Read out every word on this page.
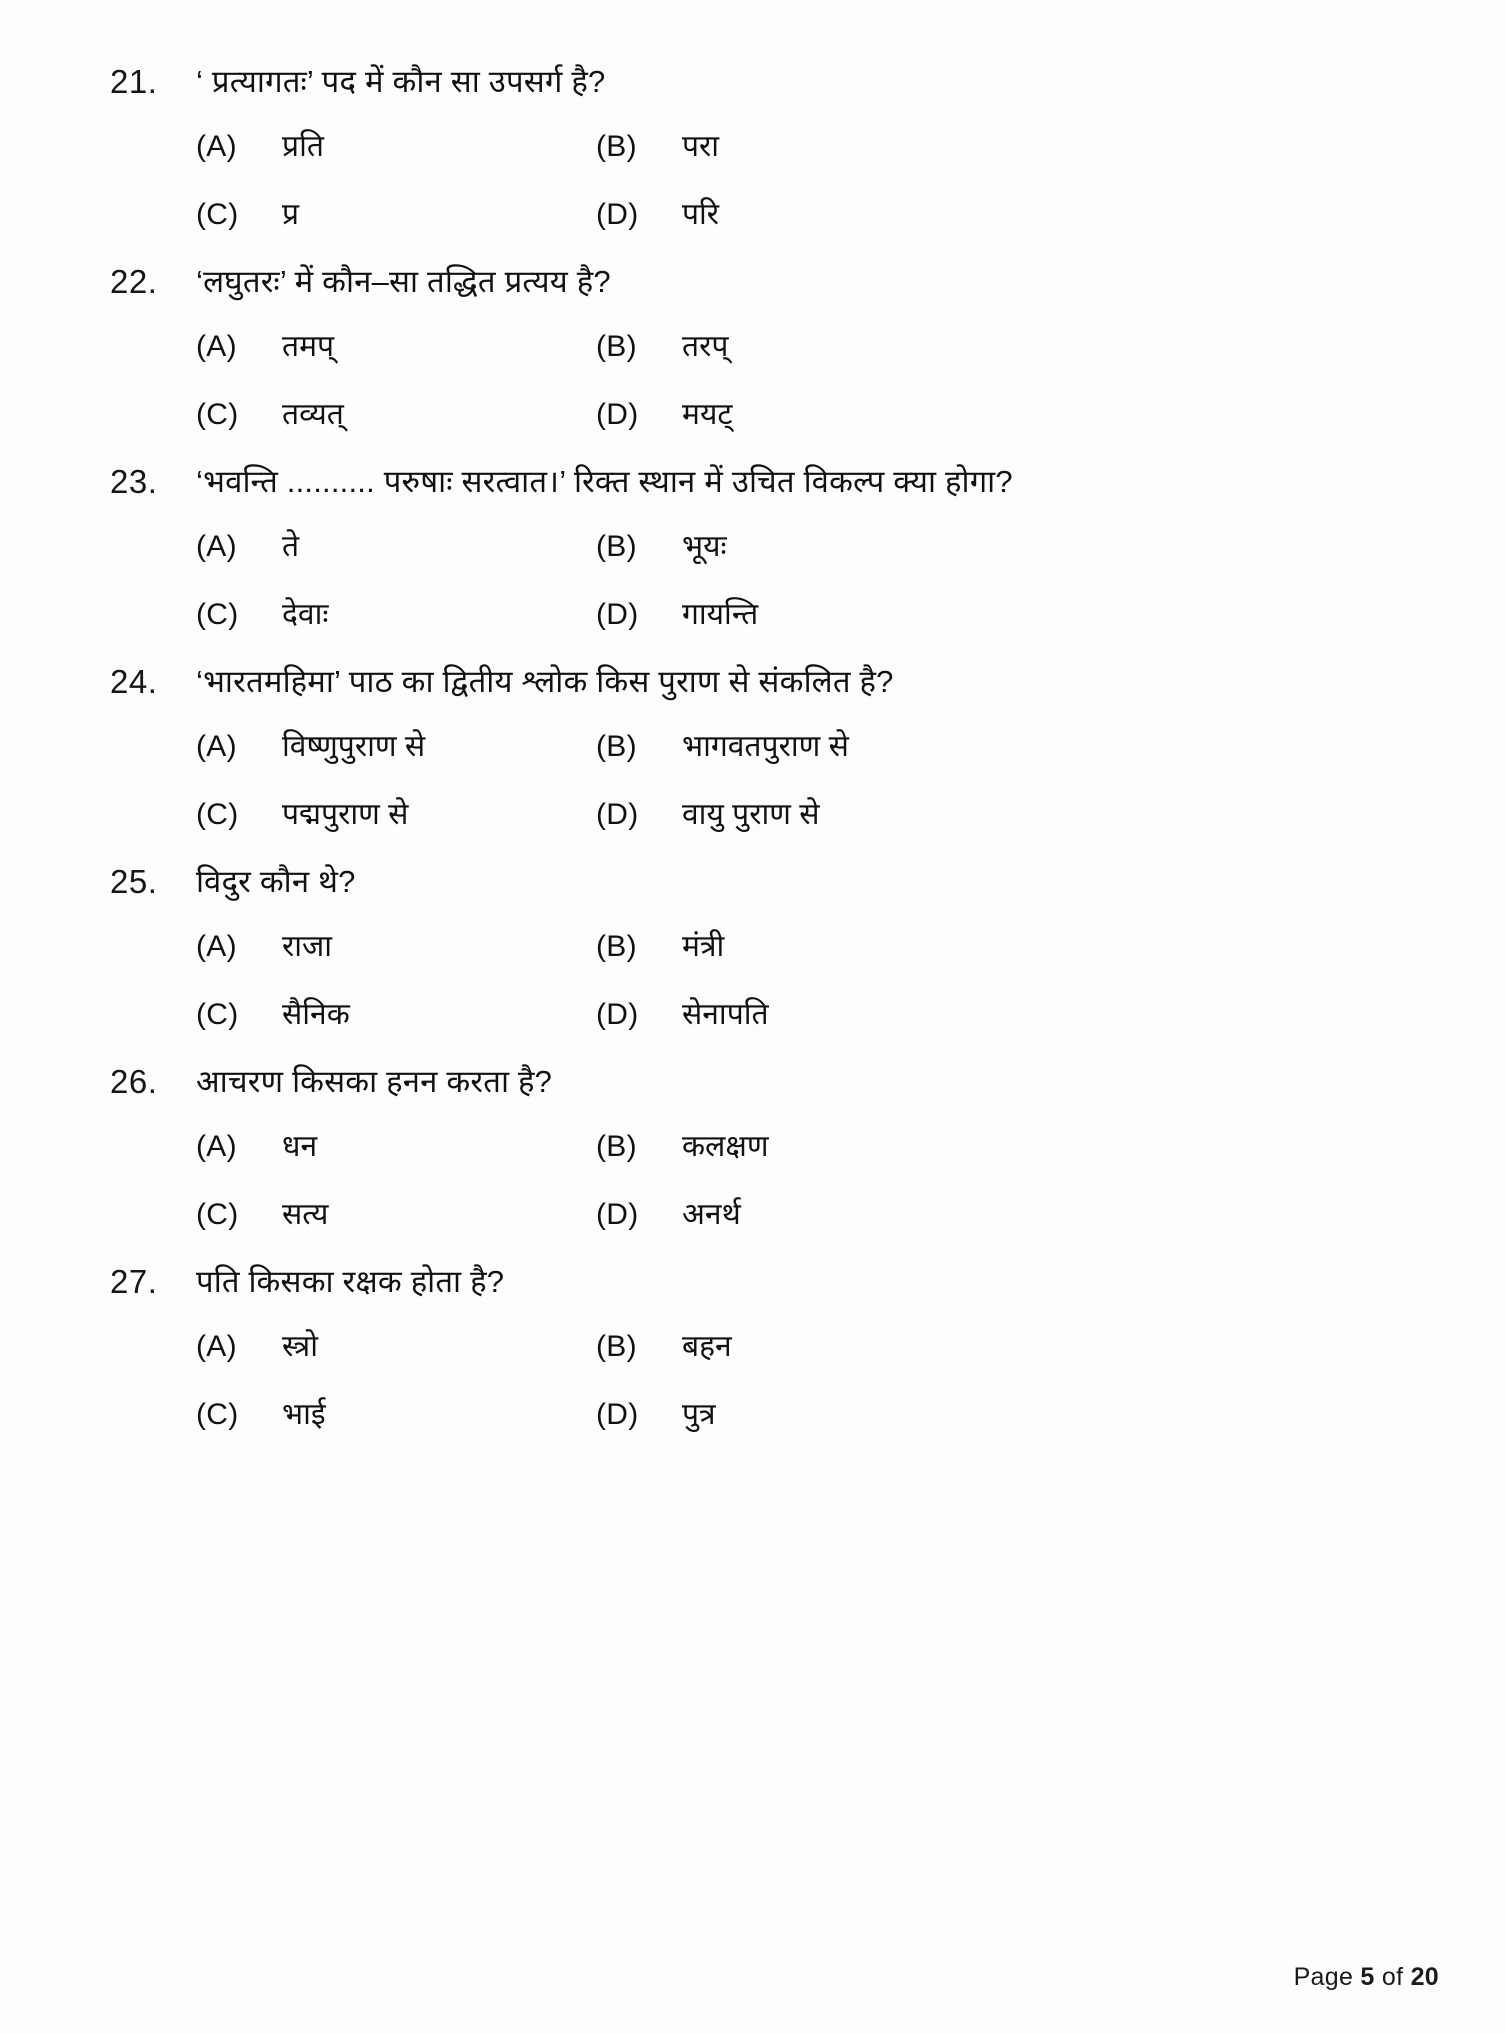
21.	‘ प्रत्यागतः’ पद में कौन सा उपसर्ग है?
(A)	प्रति	(B)	परा
(C)	प्र	(D)	परि
22.	‘लघुतरः’ में कौन–सा तद्धित प्रत्यय है?
(A)	तमप्	(B)	तरप्
(C)	तव्यत्	(D)	मयट्
23.	‘भवन्ति .......... परुषाः सरत्वात।’ रिक्त स्थान में उचित विकल्प क्या होगा?
(A)	ते	(B)	भूयः
(C)	देवाः	(D)	गायन्ति
24.	‘भारतमहिमा’ पाठ का द्वितीय श्लोक किस पुराण से संकलित है?
(A)	विष्णुपुराण से	(B)	भागवतपुराण से
(C)	पद्मपुराण से	(D)	वायु पुराण से
25.	विदुर कौन थे?
(A)	राजा	(B)	मंत्री
(C)	सैनिक	(D)	सेनापति
26.	आचरण किसका हनन करता है?
(A)	धन	(B)	कलक्षण
(C)	सत्य	(D)	अनर्थ
27.	पति किसका रक्षक होता है?
(A)	स्त्रो	(B)	बहन
(C)	भाई	(D)	पुत्र
Page 5 of 20
